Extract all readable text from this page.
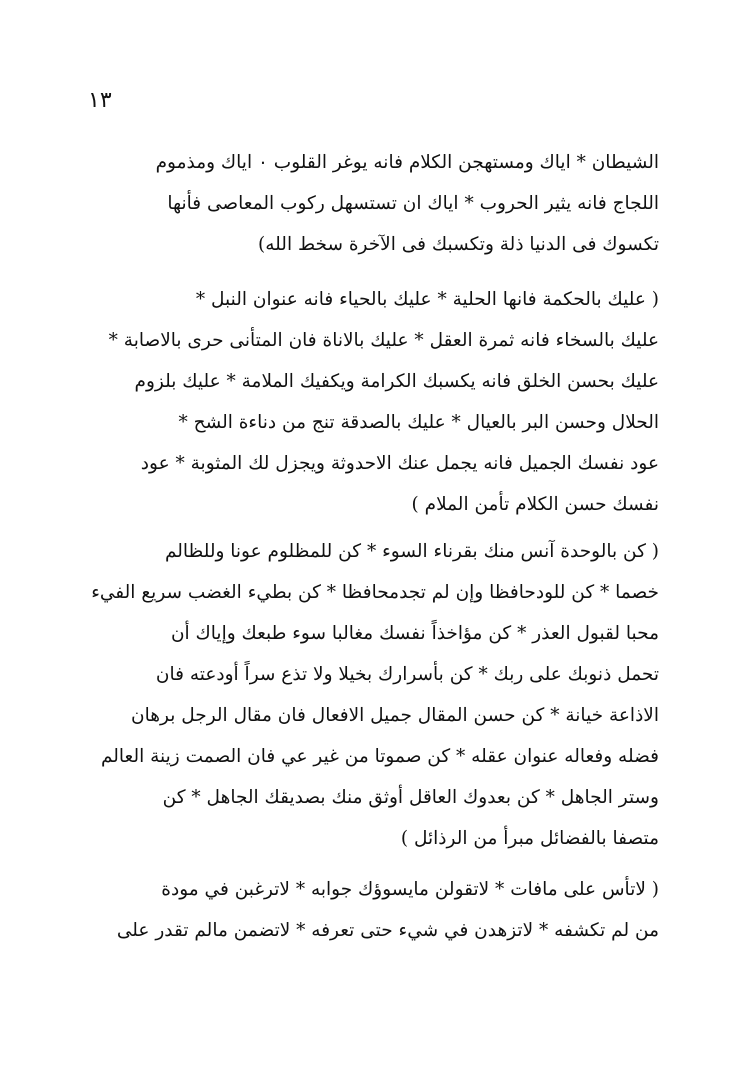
١٣
الشيطان * اياك ومستهجن الكلام فانه يوغر القلوب ٠ اياك ومذموم
اللجاج فانه يثير الحروب * اياك ان تستسهل ركوب المعاصى فأنها
تكسوك فى الدنيا ذلة وتكسبك فى الآخرة سخط الله)
( عليك بالحكمة فانها الحلية * عليك بالحياء فانه عنوان النبل *
عليك بالسخاء فانه ثمرة العقل * عليك بالاناة فان المتأنى حرى بالاصابة *
عليك بحسن الخلق فانه يكسبك الكرامة ويكفيك الملامة * عليك بلزوم
الحلال وحسن البر بالعيال * عليك بالصدقة تنج من دناءة الشح *
عود نفسك الجميل فانه يجمل عنك الاحدوثة ويجزل لك المثوبة * عود
نفسك حسن الكلام تأمن الملام )
( كن بالوحدة آنس منك بقرناء السوء * كن للمظلوم عونا وللظالم
خصما * كن للودحافظا وإن لم تجدمحافظا * كن بطيء الغضب سريع الفيء
محبا لقبول العذر * كن مؤاخذاً نفسك مغالبا سوء طبعك وإياك أن
تحمل ذنوبك على ربك * كن بأسرارك بخيلا ولا تذع سراً أودعته فان
الاذاعة خيانة * كن حسن المقال جميل الافعال فان مقال الرجل برهان
فضله وفعاله عنوان عقله * كن صموتا من غير عي فان الصمت زينة العالم
وستر الجاهل * كن بعدوك العاقل أوثق منك بصديقك الجاهل * كن
متصفا بالفضائل مبرأ من الرذائل )
( لاتأس على مافات * لاتقولن مايسوؤك جوابه * لاترغبن في مودة
من لم تكشفه * لاتزهدن في شيء حتى تعرفه * لاتضمن مالم تقدر على
